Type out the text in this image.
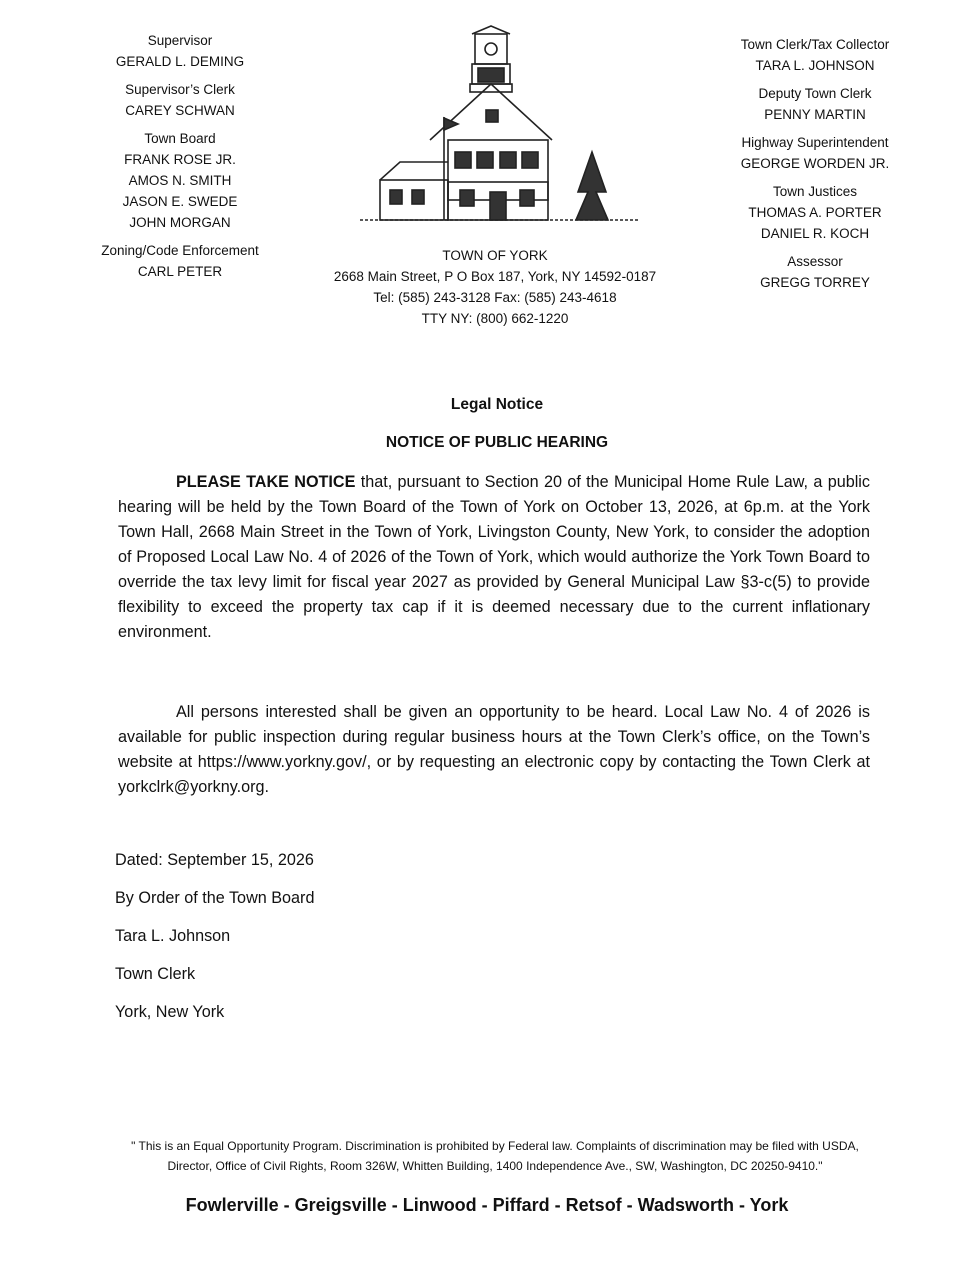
Supervisor
GERALD L. DEMING
Supervisor’s Clerk
CAREY SCHWAN
Town Board
FRANK ROSE JR.
AMOS N. SMITH
JASON E. SWEDE
JOHN MORGAN
Zoning/Code Enforcement
CARL PETER
Town Clerk/Tax Collector
TARA L. JOHNSON
Deputy Town Clerk
PENNY MARTIN
Highway Superintendent
GEORGE WORDEN JR.
Town Justices
THOMAS A. PORTER
DANIEL R. KOCH
Assessor
GREGG TORREY
TOWN OF YORK
2668 Main Street, P O Box 187, York, NY 14592-0187
Tel: (585) 243-3128 Fax: (585) 243-4618
TTY NY: (800) 662-1220
Legal Notice
NOTICE OF PUBLIC HEARING
PLEASE TAKE NOTICE that, pursuant to Section 20 of the Municipal Home Rule Law, a public hearing will be held by the Town Board of the Town of York on October 13, 2026, at 6p.m. at the York Town Hall, 2668 Main Street in the Town of York, Livingston County, New York, to consider the adoption of Proposed Local Law No. 4 of 2026 of the Town of York, which would authorize the York Town Board to override the tax levy limit for fiscal year 2027 as provided by General Municipal Law §3-c(5) to provide flexibility to exceed the property tax cap if it is deemed necessary due to the current inflationary environment.
All persons interested shall be given an opportunity to be heard. Local Law No. 4 of 2026 is available for public inspection during regular business hours at the Town Clerk’s office, on the Town’s website at https://www.yorkny.gov/, or by requesting an electronic copy by contacting the Town Clerk at yorkclrk@yorkny.org.
Dated: September 15, 2026
By Order of the Town Board
Tara L. Johnson
Town Clerk
York, New York
" This is an Equal Opportunity Program. Discrimination is prohibited by Federal law. Complaints of discrimination may be filed with USDA,
Director, Office of Civil Rights, Room 326W, Whitten Building, 1400 Independence Ave., SW, Washington, DC 20250-9410."
Fowlerville - Greigsville - Linwood - Piffard - Retsof - Wadsworth - York
